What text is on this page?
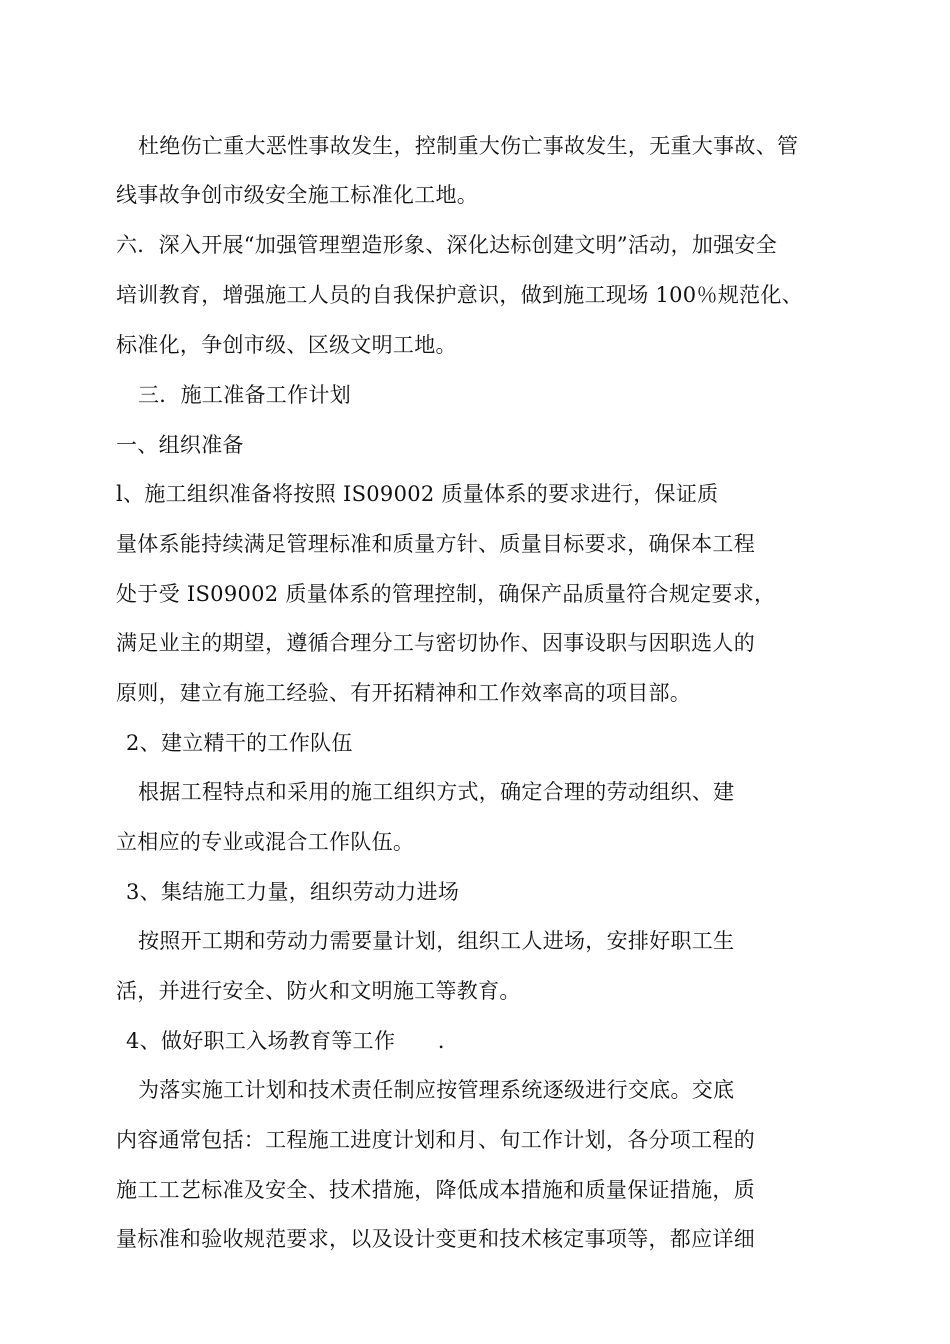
杜绝伤亡重大恶性事故发生，控制重大伤亡事故发生，无重大事故、管
线事故争创市级安全施工标准化工地。
六．深入开展“加强管理塑造形象、深化达标创建文明”活动，加强安全
培训教育，增强施工人员的自我保护意识，做到施工现场 100％规范化、
标准化，争创市级、区级文明工地。
三．施工准备工作计划
一、组织准备
l、施工组织准备将按照 IS09002 质量体系的要求进行，保证质
量体系能持续满足管理标准和质量方针、质量目标要求，确保本工程
处于受 IS09002 质量体系的管理控制，确保产品质量符合规定要求，
满足业主的期望，遵循合理分工与密切协作、因事设职与因职选人的
原则，建立有施工经验、有开拓精神和工作效率高的项目部。
2、建立精干的工作队伍
根据工程特点和采用的施工组织方式，确定合理的劳动组织、建
立相应的专业或混合工作队伍。
3、集结施工力量，组织劳动力进场
按照开工期和劳动力需要量计划，组织工人进场，安排好职工生
活，并进行安全、防火和文明施工等教育。
4、做好职工入场教育等工作　　．
为落实施工计划和技术责任制应按管理系统逐级进行交底。交底
内容通常包括：工程施工进度计划和月、旬工作计划，各分项工程的
施工工艺标准及安全、技术措施，降低成本措施和质量保证措施，质
量标准和验收规范要求，以及设计变更和技术核定事项等，都应详细
